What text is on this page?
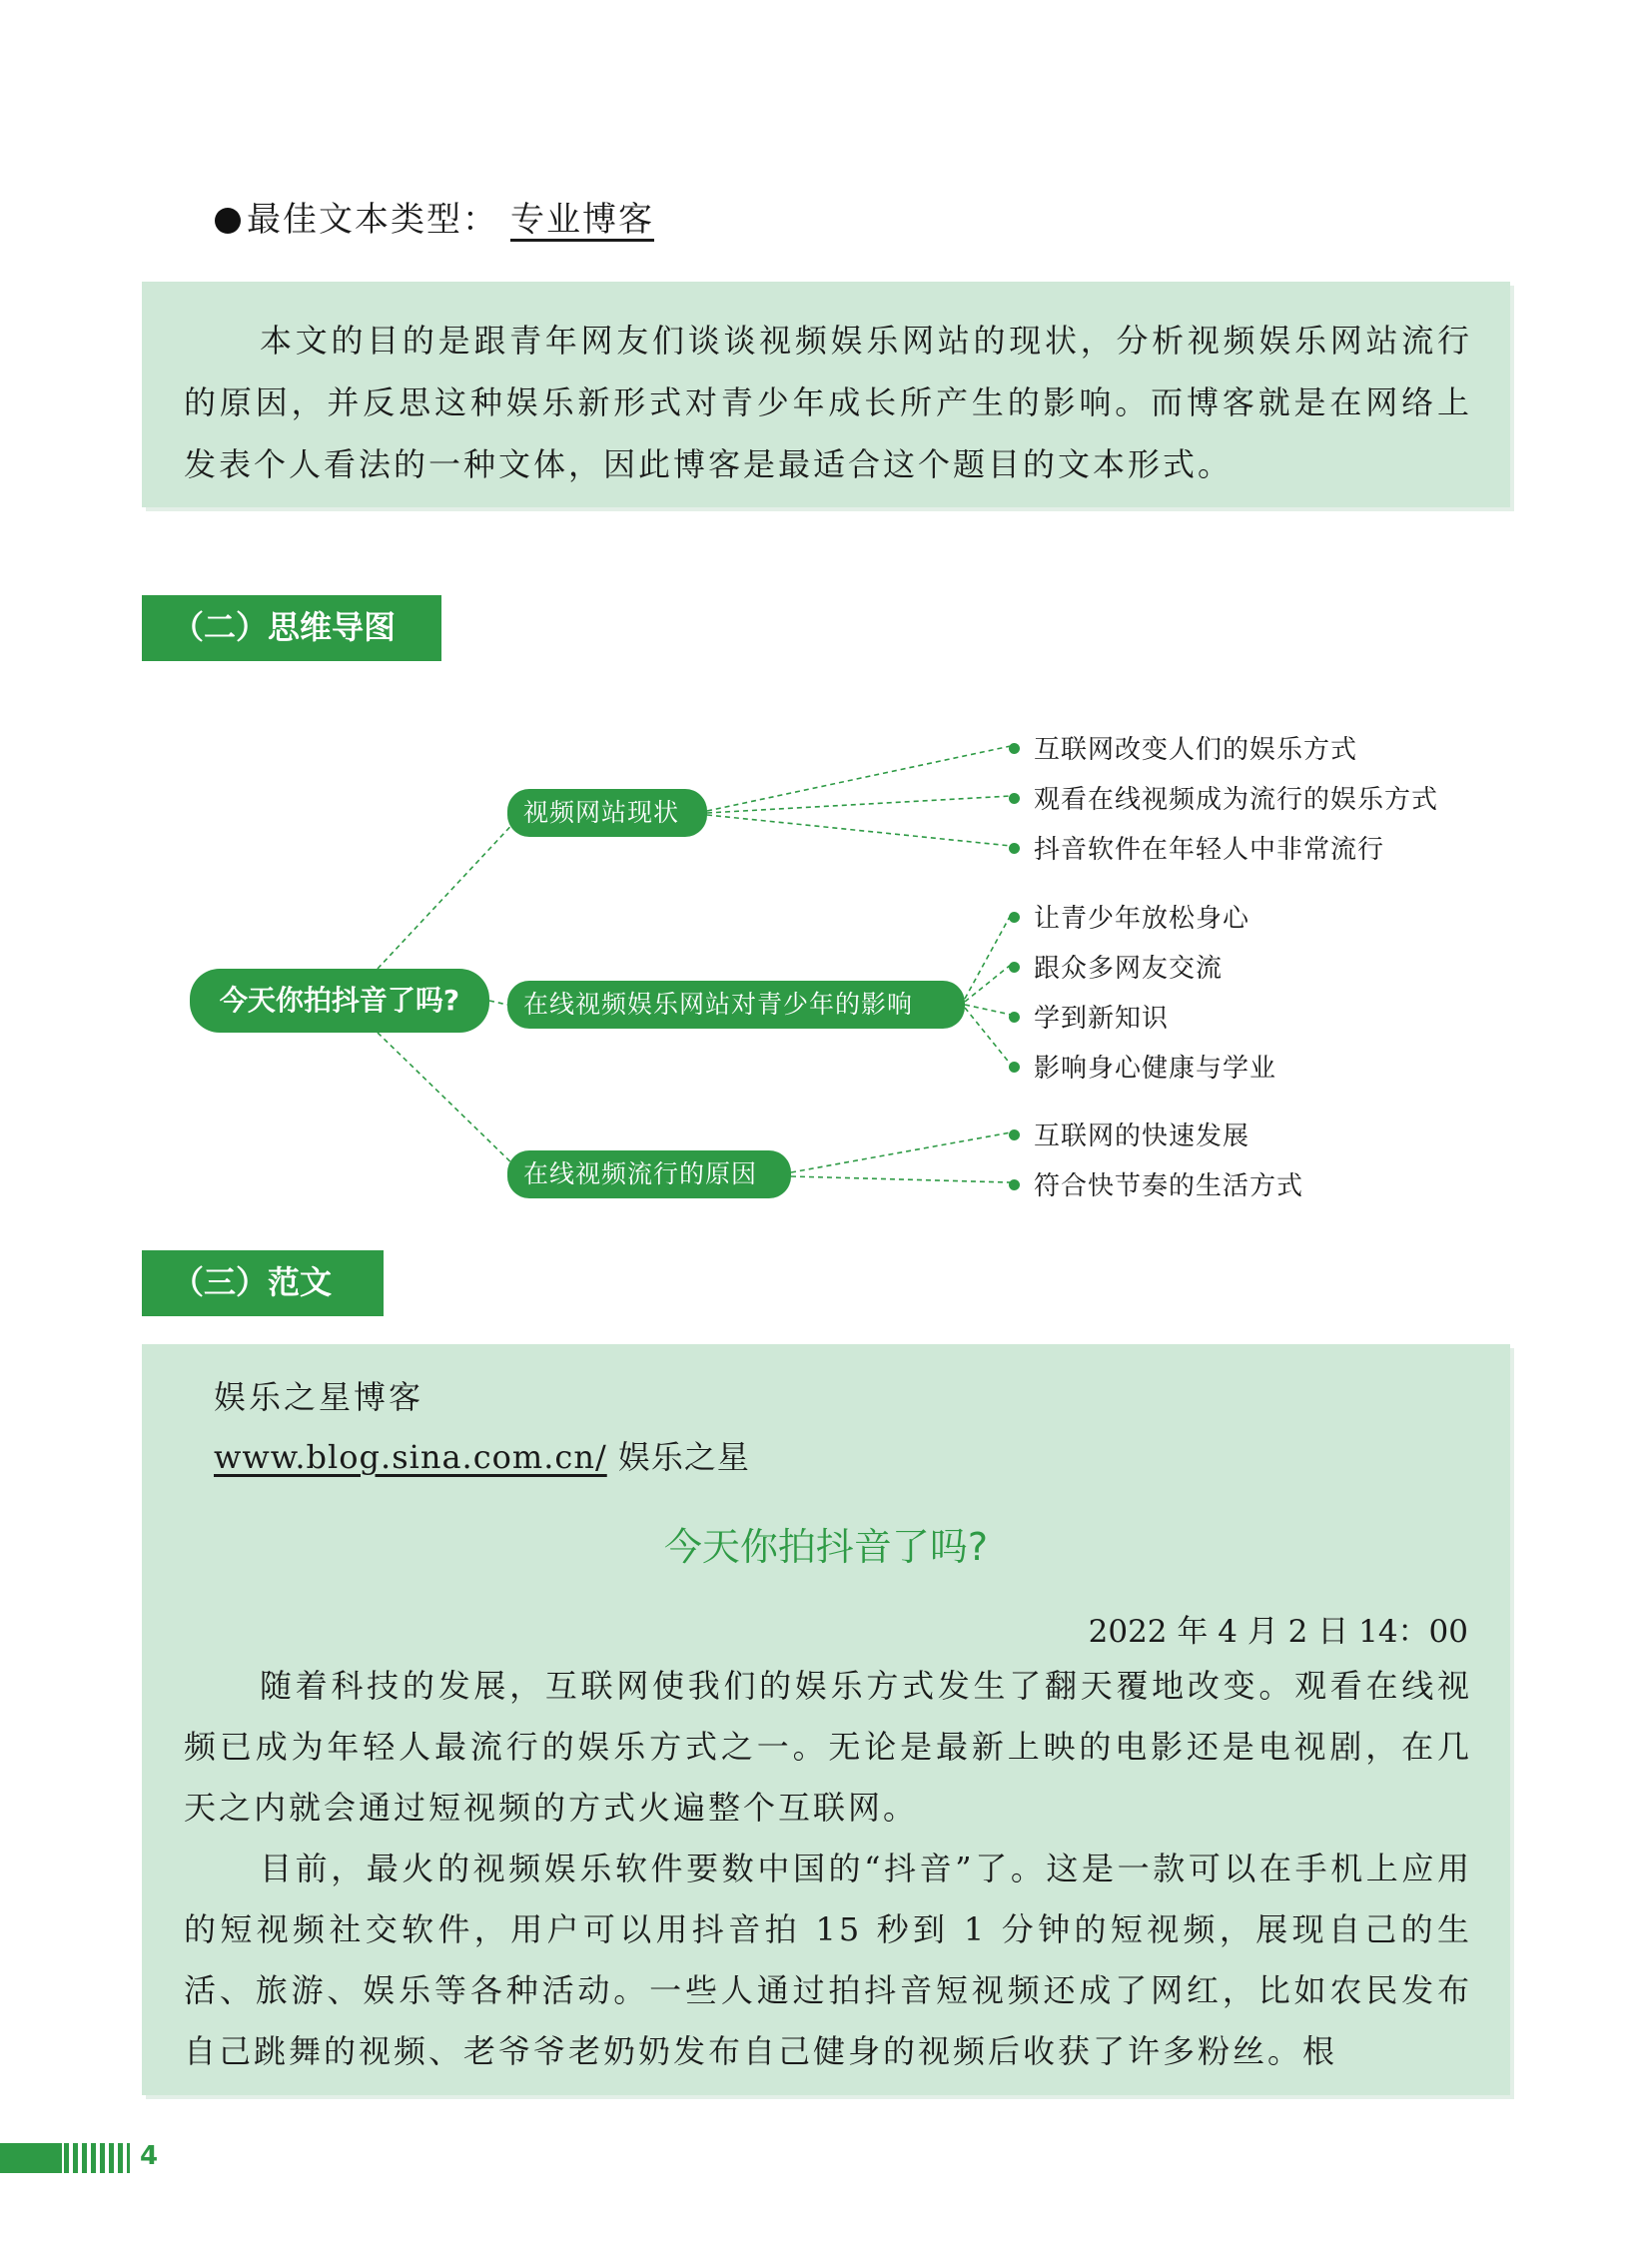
最佳文本类型： 专业博客

本文的目的是跟青年网友们谈谈视频娱乐网站的现状，分析视频娱乐网站流行的原因，并反思这种娱乐新形式对青少年成长所产生的影响。而博客就是在网络上发表个人看法的一种文体，因此博客是最适合这个题目的文本形式。

（二）思维导图
今天你拍抖音了吗?
视频网站现状
在线视频娱乐网站对青少年的影响
在线视频流行的原因
互联网改变人们的娱乐方式
观看在线视频成为流行的娱乐方式
抖音软件在年轻人中非常流行
让青少年放松身心
跟众多网友交流
学到新知识
影响身心健康与学业
互联网的快速发展
符合快节奏的生活方式
（三）范文
娱乐之星博客
www.blog.sina.com.cn/ 娱乐之星
今天你拍抖音了吗?
2022 年 4 月 2 日 14：00

随着科技的发展，互联网使我们的娱乐方式发生了翻天覆地改变。观看在线视频已成为年轻人最流行的娱乐方式之一。无论是最新上映的电影还是电视剧，在几天之内就会通过短视频的方式火遍整个互联网。

目前，最火的视频娱乐软件要数中国的“抖音”了。这是一款可以在手机上应用的短视频社交软件，用户可以用抖音拍 15 秒到 1 分钟的短视频，展现自己的生活、旅游、娱乐等各种活动。一些人通过拍抖音短视频还成了网红，比如农民发布自己跳舞的视频、老爷爷老奶奶发布自己健身的视频后收获了许多粉丝。根

4
